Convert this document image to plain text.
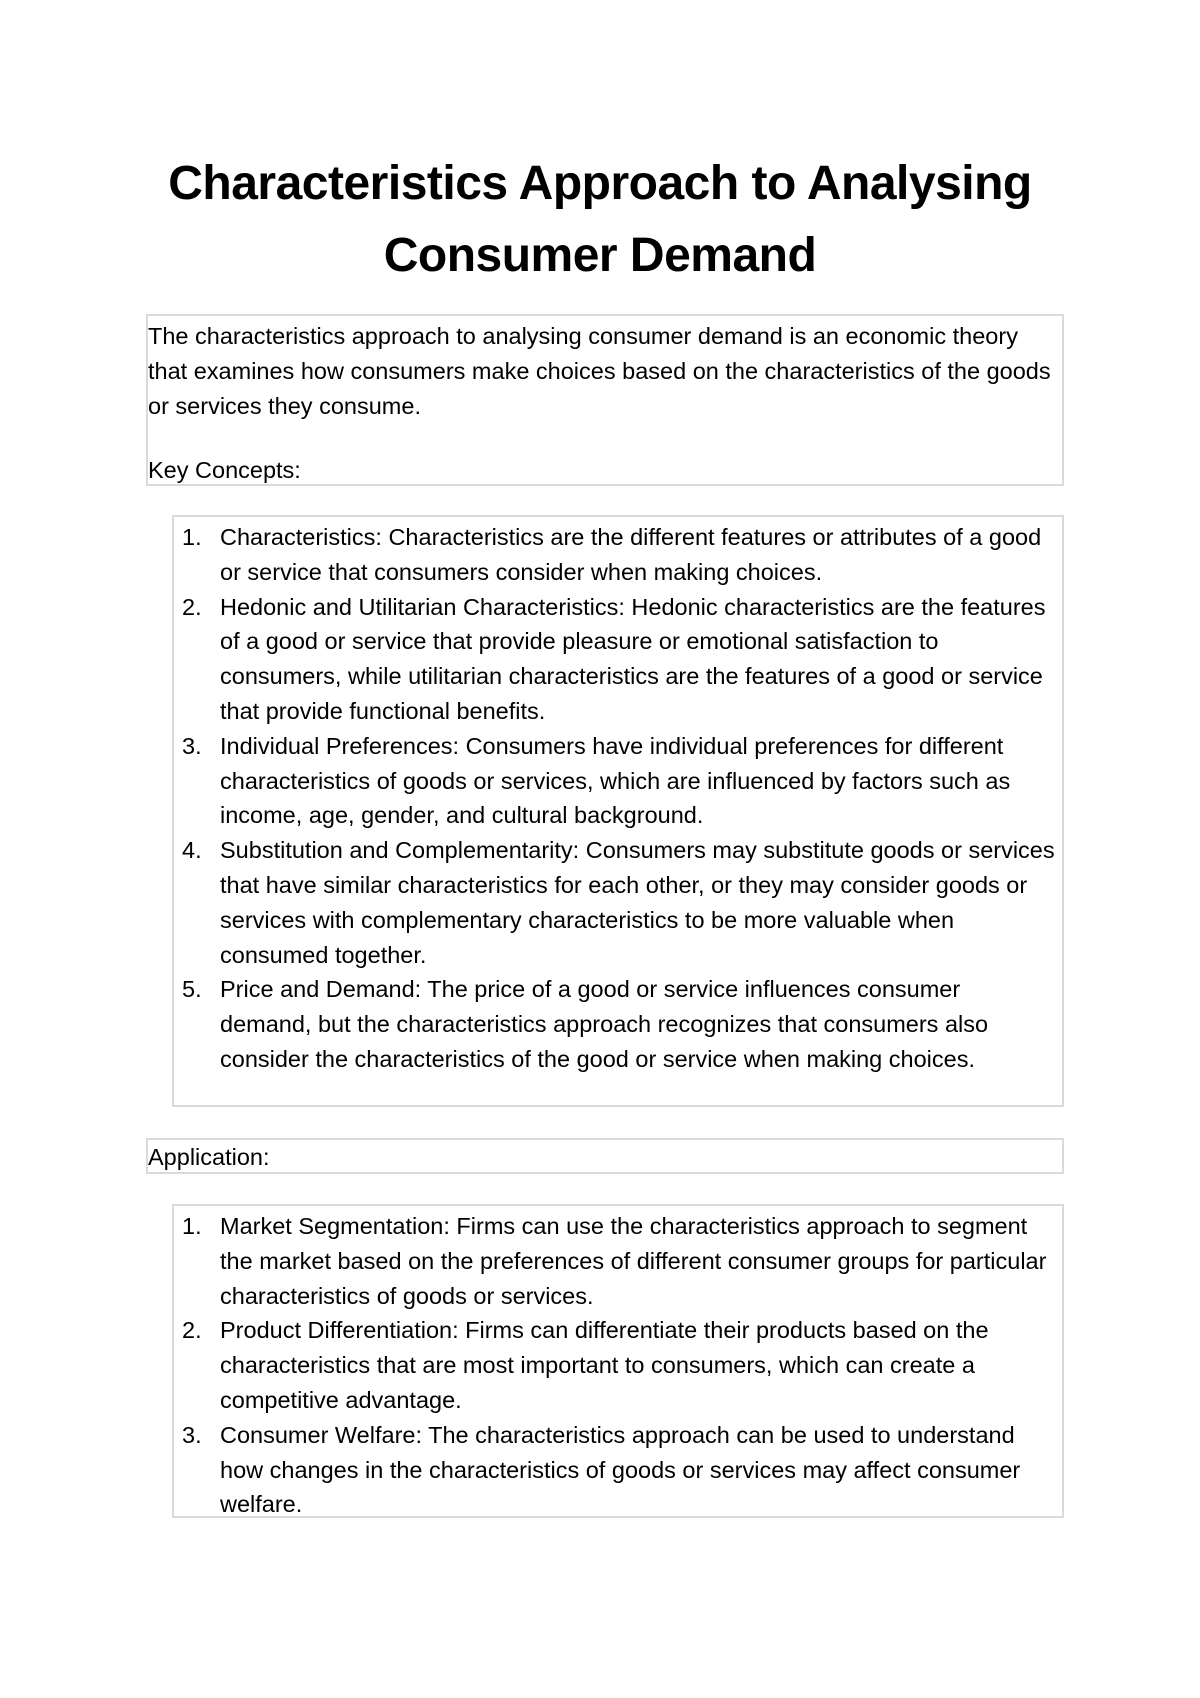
Characteristics Approach to Analysing Consumer Demand

The characteristics approach to analysing consumer demand is an economic theory that examines how consumers make choices based on the characteristics of the goods or services they consume.

Key Concepts:

1. Characteristics: Characteristics are the different features or attributes of a good or service that consumers consider when making choices.
2. Hedonic and Utilitarian Characteristics: Hedonic characteristics are the features of a good or service that provide pleasure or emotional satisfaction to consumers, while utilitarian characteristics are the features of a good or service that provide functional benefits.
3. Individual Preferences: Consumers have individual preferences for different characteristics of goods or services, which are influenced by factors such as income, age, gender, and cultural background.
4. Substitution and Complementarity: Consumers may substitute goods or services that have similar characteristics for each other, or they may consider goods or services with complementary characteristics to be more valuable when consumed together.
5. Price and Demand: The price of a good or service influences consumer demand, but the characteristics approach recognizes that consumers also consider the characteristics of the good or service when making choices.
Application:
1. Market Segmentation: Firms can use the characteristics approach to segment the market based on the preferences of different consumer groups for particular characteristics of goods or services.
2. Product Differentiation: Firms can differentiate their products based on the characteristics that are most important to consumers, which can create a competitive advantage.
3. Consumer Welfare: The characteristics approach can be used to understand how changes in the characteristics of goods or services may affect consumer welfare.
